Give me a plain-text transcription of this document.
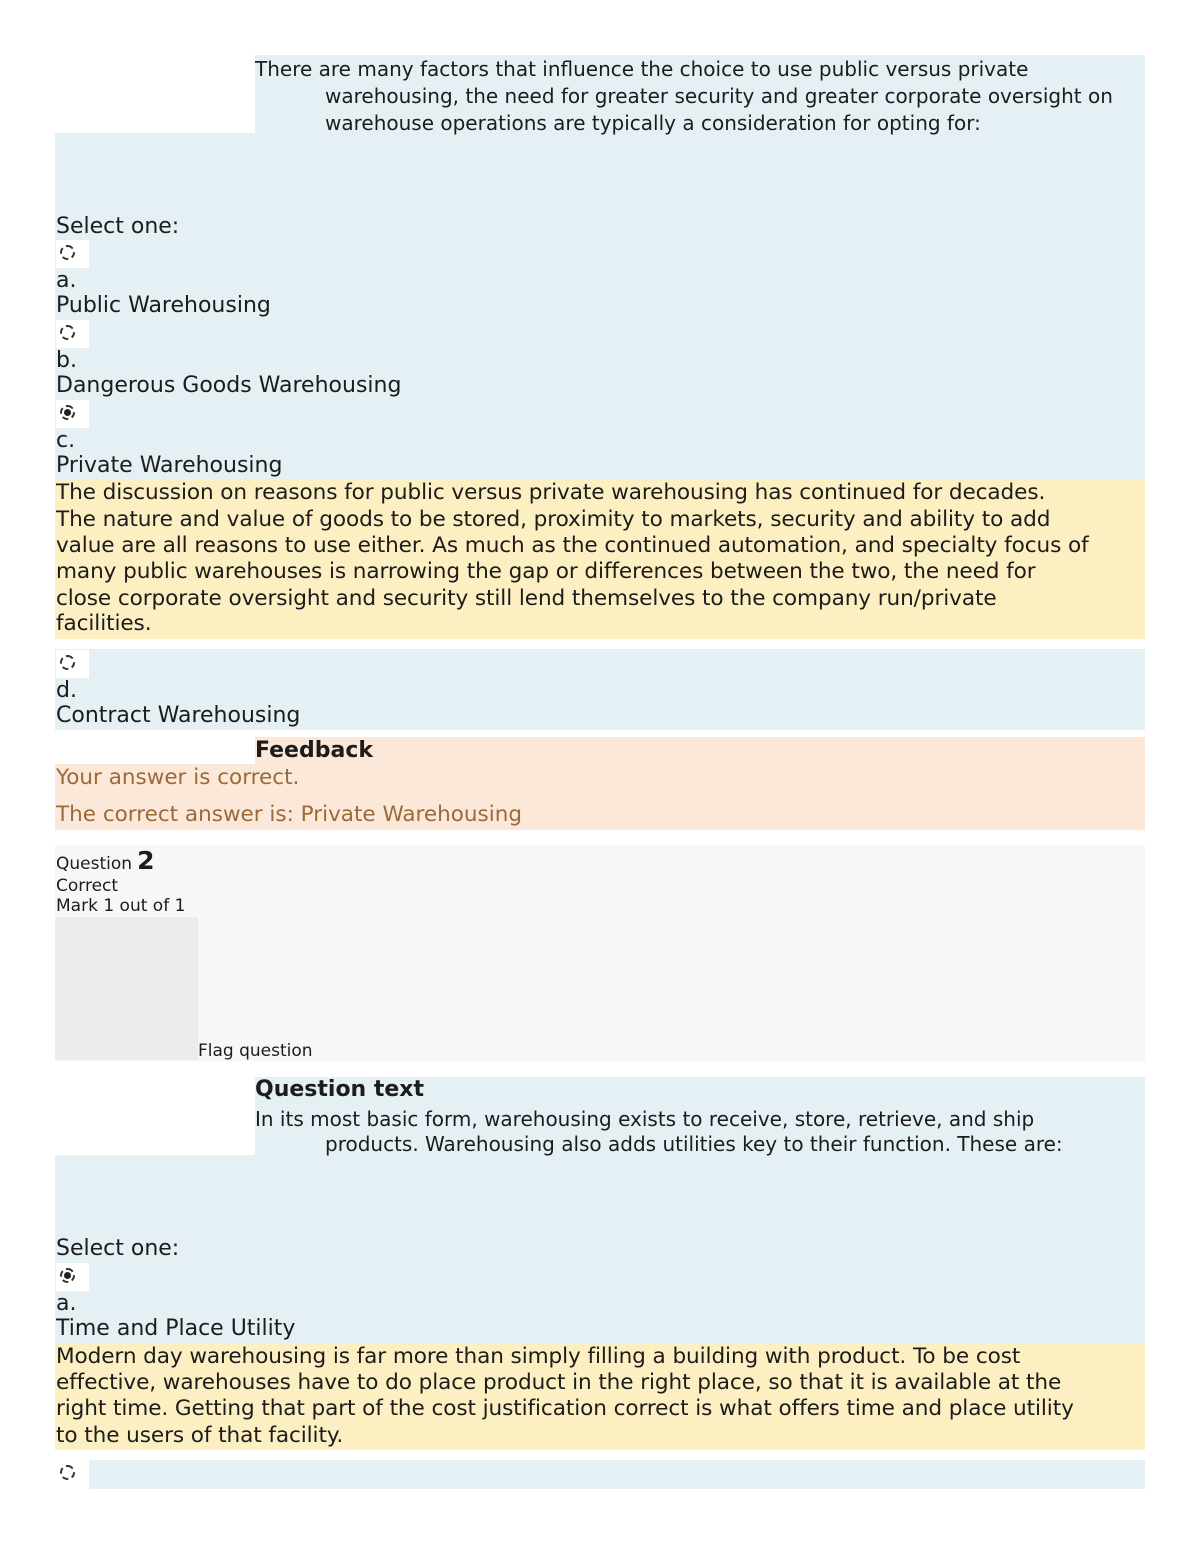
There are many factors that influence the choice to use public versus private
warehousing, the need for greater security and greater corporate oversight on
warehouse operations are typically a consideration for opting for:
Select one:
a.
Public Warehousing
b.
Dangerous Goods Warehousing
c.
Private Warehousing
The discussion on reasons for public versus private warehousing has continued for decades.
The nature and value of goods to be stored, proximity to markets, security and ability to add
value are all reasons to use either. As much as the continued automation, and specialty focus of
many public warehouses is narrowing the gap or differences between the two, the need for
close corporate oversight and security still lend themselves to the company run/private
facilities.
d.
Contract Warehousing
Feedback
Your answer is correct.
The correct answer is: Private Warehousing
Question 2
Correct
Mark 1 out of 1
Flag question
Question text
In its most basic form, warehousing exists to receive, store, retrieve, and ship
products. Warehousing also adds utilities key to their function. These are:
Select one:
a.
Time and Place Utility
Modern day warehousing is far more than simply filling a building with product. To be cost
effective, warehouses have to do place product in the right place, so that it is available at the
right time. Getting that part of the cost justification correct is what offers time and place utility
to the users of that facility.
